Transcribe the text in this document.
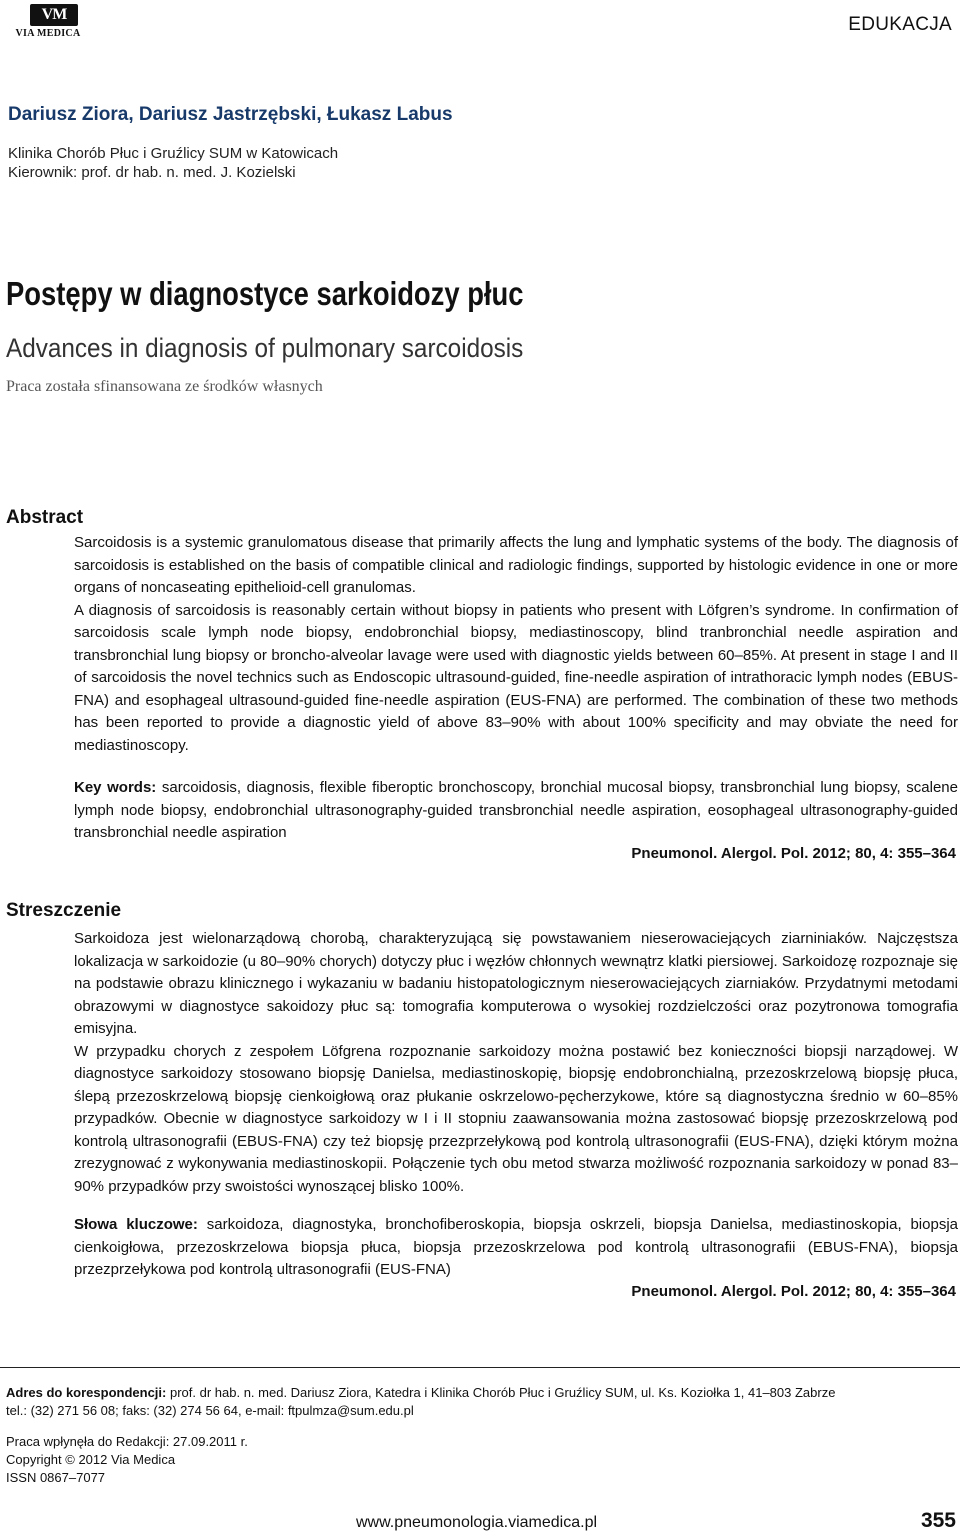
VM
VIA MEDICA	EDUKACJA
Dariusz Ziora, Dariusz Jastrzębski, Łukasz Labus
Klinika Chorób Płuc i Gruźlicy SUM w Katowicach
Kierownik: prof. dr hab. n. med. J. Kozielski
Postępy w diagnostyce sarkoidozy płuc
Advances in diagnosis of pulmonary sarcoidosis
Praca została sfinansowana ze środków własnych
Abstract

Sarcoidosis is a systemic granulomatous disease that primarily affects the lung and lymphatic systems of the body. The diagnosis of sarcoidosis is established on the basis of compatible clinical and radiologic findings, supported by histologic evidence in one or more organs of noncaseating epithelioid-cell granulomas.

A diagnosis of sarcoidosis is reasonably certain without biopsy in patients who present with Löfgren’s syndrome. In confirmation of sarcoidosis scale lymph node biopsy, endobronchial biopsy, mediastinoscopy, blind tranbronchial needle aspiration and transbronchial lung biopsy or broncho-alveolar lavage were used with diagnostic yields between 60–85%. At present in stage I and II of sarcoidosis the novel technics such as Endoscopic ultrasound-guided, fine-needle aspiration of intrathoracic lymph nodes (EBUS-FNA) and esophageal ultrasound-guided fine-needle aspiration (EUS-FNA) are performed. The combination of these two methods has been reported to provide a diagnostic yield of above 83–90% with about 100% specificity and may obviate the need for mediastinoscopy.

Key words: sarcoidosis, diagnosis, flexible fiberoptic bronchoscopy, bronchial mucosal biopsy, transbronchial lung biopsy, scalene lymph node biopsy, endobronchial ultrasonography-guided transbronchial needle aspiration, eosophageal ultrasonography-guided transbronchial needle aspiration

Pneumonol. Alergol. Pol. 2012; 80, 4: 355–364
Streszczenie

Sarkoidoza jest wielonarządową chorobą, charakteryzującą się powstawaniem nieserowaciejących ziarniniaków. Najczęstsza lokalizacja w sarkoidozie (u 80–90% chorych) dotyczy płuc i węzłów chłonnych wewnątrz klatki piersiowej. Sarkoidozę rozpoznaje się na podstawie obrazu klinicznego i wykazaniu w badaniu histopatologicznym nieserowaciejących ziarniaków. Przydatnymi metodami obrazowymi w diagnostyce sakoidozy płuc są: tomografia komputerowa o wysokiej rozdzielczości oraz pozytronowa tomografia emisyjna.

W przypadku chorych z zespołem Löfgrena rozpoznanie sarkoidozy można postawić bez konieczności biopsji narządowej. W diagnostyce sarkoidozy stosowano biopsję Danielsa, mediastinoskopię, biopsję endobronchialną, przezoskrzelową biopsję płuca, ślepą przezoskrzelową biopsję cienkoigłową oraz płukanie oskrzelowo-pęcherzykowe, które są diagnostyczna średnio w 60–85% przypadków. Obecnie w diagnostyce sarkoidozy w I i II stopniu zaawansowania można zastosować biopsję przezoskrzelową pod kontrolą ultrasonografii (EBUS-FNA) czy też biopsję przezprzełykową pod kontrolą ultrasonografii (EUS-FNA), dzięki którym można zrezygnować z wykonywania mediastinoskopii. Połączenie tych obu metod stwarza możliwość rozpoznania sarkoidozy w ponad 83–90% przypadków przy swoistości wynoszącej blisko 100%.

Słowa kluczowe: sarkoidoza, diagnostyka, bronchofiberoskopia, biopsja oskrzeli, biopsja Danielsa, mediastinoskopia, biopsja cienkoigłowa, przezoskrzelowa biopsja płuca, biopsja przezoskrzelowa pod kontrolą ultrasonografii (EBUS-FNA), biopsja przezprzełykowa pod kontrolą ultrasonografii (EUS-FNA)

Pneumonol. Alergol. Pol. 2012; 80, 4: 355–364
Adres do korespondencji: prof. dr hab. n. med. Dariusz Ziora, Katedra i Klinika Chorób Płuc i Gruźlicy SUM, ul. Ks. Koziołka 1, 41–803 Zabrze
tel.: (32) 271 56 08; faks: (32) 274 56 64, e-mail: ftpulmza@sum.edu.pl
Praca wpłynęła do Redakcji: 27.09.2011 r.
Copyright © 2012 Via Medica
ISSN 0867–7077
www.pneumonologia.viamedica.pl	355
